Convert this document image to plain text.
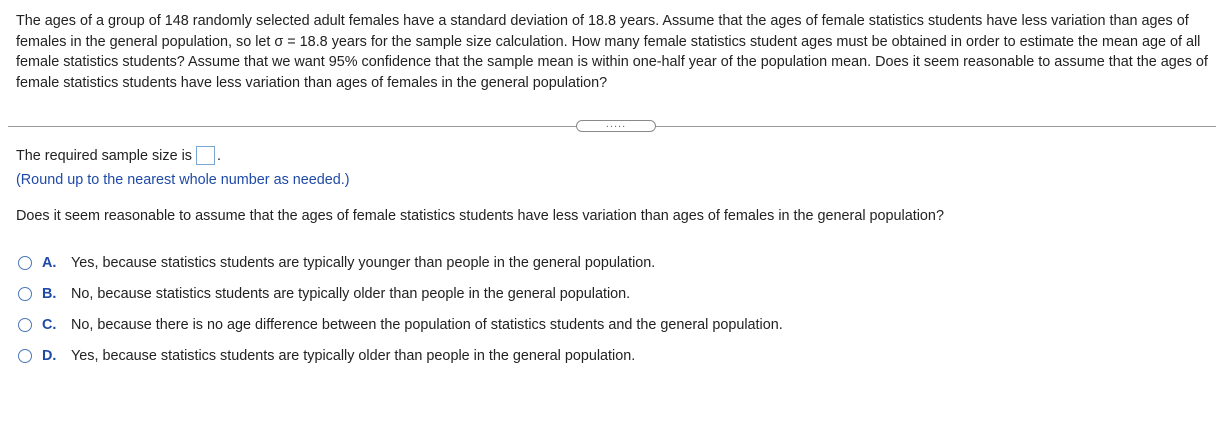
The ages of a group of 148 randomly selected adult females have a standard deviation of 18.8 years. Assume that the ages of female statistics students have less variation than ages of females in the general population, so let σ = 18.8 years for the sample size calculation. How many female statistics student ages must be obtained in order to estimate the mean age of all female statistics students? Assume that we want 95% confidence that the sample mean is within one-half year of the population mean. Does it seem reasonable to assume that the ages of female statistics students have less variation than ages of females in the general population?
.....
The required sample size is .
(Round up to the nearest whole number as needed.)
Does it seem reasonable to assume that the ages of female statistics students have less variation than ages of females in the general population?
A. Yes, because statistics students are typically younger than people in the general population.
B. No, because statistics students are typically older than people in the general population.
C. No, because there is no age difference between the population of statistics students and the general population.
D. Yes, because statistics students are typically older than people in the general population.
